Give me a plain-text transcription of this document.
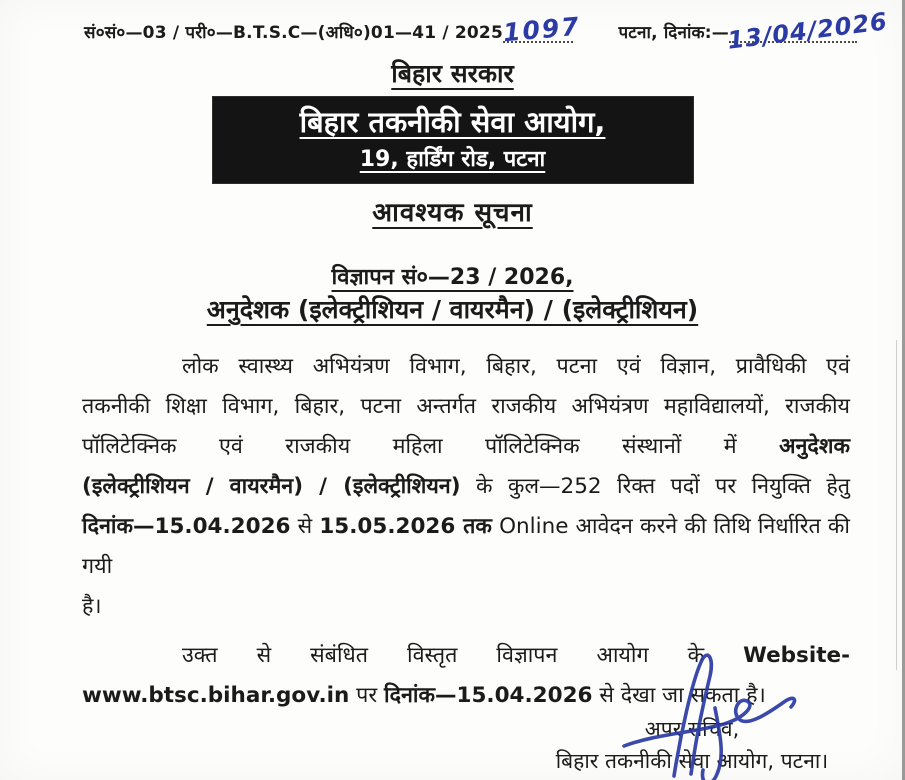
सं०सं०—03 / परी०—B.T.S.C—(अधि०)01—41 / 2025
1097 पटना, दिनांक:—
13/04/2026
बिहार सरकार
बिहार तकनीकी सेवा आयोग,
19, हार्डिंग रोड, पटना
आवश्यक सूचना
विज्ञापन सं०—23 / 2026,
अनुदेशक (इलेक्ट्रीशियन / वायरमैन) / (इलेक्ट्रीशियन)
लोक स्वास्थ्य अभियंत्रण विभाग, बिहार, पटना एवं विज्ञान, प्रावैधिकी एवं
तकनीकी शिक्षा विभाग, बिहार, पटना अन्तर्गत राजकीय अभियंत्रण महाविद्यालयों, राजकीय
पॉलिटेक्निक एवं राजकीय महिला पॉलिटेक्निक संस्थानों में अनुदेशक
(इलेक्ट्रीशियन / वायरमैन) / (इलेक्ट्रीशियन) के कुल—252 रिक्त पदों पर नियुक्ति हेतु
दिनांक—15.04.2026 से 15.05.2026 तक Online आवेदन करने की तिथि निर्धारित की गयी
है।
उक्त से संबंधित विस्तृत विज्ञापन आयोग के Website-
www.btsc.bihar.gov.in पर दिनांक—15.04.2026 से देखा जा सकता है।
अपर सचिव,
बिहार तकनीकी सेवा आयोग, पटना।
